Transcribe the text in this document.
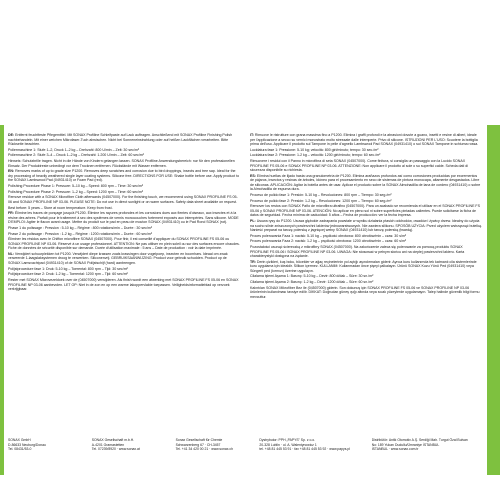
DE: Entfernt feuchtfeste Pflegemittel. Mit SONAX Profiline Schleifpaste auf Lack auftragen. Anschließend mit SONAX Profiline Finishing Polish nachbehandeln. Mit einer weichen Mikrofaser-Tuch abwischen. Nicht bei Sonneneinstrahlung oder auf heißen Lackflächen verarbeiten. Bitte Rückseite beachten.
Poliermaschine 1: Stufe 1–2, Druck 1–2 kg – Drehzahl: 800 U/min – Zeit: 30 sec/m²
Poliermaschine 2: Stufe 3–4 – Druck 1–2 kg – Drehzahl: 1.200 U/min – Zeit: 60 sec/m²
Hinweis: Schutzbrille tragen. Nicht in die Hände von Kindern gelangen lassen. SONAX Profiline Anwendungsbereich: nur für den professionellen Einsatz. Der Produktreste unbedingt vor dem Trocknen entfernen. Rückstände mit Wasser entfernen.
EN: Removes marks of up to grade size P1200. Removes deep scratches and corrosion due to bird droppings, insects and tree sap. Ideal for the dry processing of heavily weathered single layer coating systems. Silicone free. DIRECTIONS FOR USE: Shake bottle before use. Apply product to the SONAX Lambswool Pad (04931410) or Foam Pad (red).
Polishing Procedure Phase 1: Pressure: 5–10 kg – Speed: 800 rpm – Time: 30 sec/m²
Polishing Procedure Phase 2: Pressure: 1–2 kg – Speed: 1200 rpm – Time: 60 sec/m²
Remove residue with a SONAX Microfiber Cloth afterwards (04507000). For the finishing touch, we recommend using SONAX PROFILINE FS 05-06 and SONAX PROFILINE NP 03-06. PLEASE NOTE: Do not use in direct sunlight or on warm surfaces. Safety data sheet available on request.
Best before: 5 years – Store at room temperature. Keep from frost.
FR: Élimine les traces de ponçage jusqu'à P1200. Élimine les rayures profondes et les corrosions dues aux fientes d'oiseaux, aux insectes et à la résine des arbres. Parfait pour le traitement à sec des systèmes de vernis monocouches fortement exposés aux intempéries. Sans silicone. MODE D'EMPLOI: Agiter le flacon avant usage. Mettre du produit sur le pad en peau de mouton SONAX (04931410) ou le Pad Rond SONAX (rot).
Phase 1 du polissage : Pression : 5-10 kg – Régime : 800 rotations/min – Durée : 30 sec/m²
Phase 2 du polissage : Pression : 1-2 kg – Régime : 1200 rotations/min – Durée : 60 sec/m²
Éliminer les résidus avec le Chiffon microfibre SONAX (04507000). Pour finir, il est conseillé d'appliquer du SONAX PROFILINE FS 05-06 ou SONAX PROFILINE NP 03-06. Réservé à un usage professionnel. ATTENTION: Ne pas utiliser en plein soleil ou sur des surfaces encore chaudes. Fiche de données de sécurité disponible sur demande. Durée d'utilisation maximale : 5 ans – Date de production : voir la date imprimée.
NL: Verwijdert schuurplekken tot P1200. Verwijdert diepe krassen zoals krassingen door vogelpoep, insecten en boomhars. Ideaal om zwak verweerde 1-laagslaksystemen droog te verwerken. Siliconenvrij. GEBRUIKSAANWIJZING: Product voor gebruik schudden. Product op de SONAX Lamsvachtpad (04931410) of de SONAX Polijstschijf (hard) aanbrengen.
Polijstprocedure fase 1: Druk: 5-10 kg – Toerental: 800 rpm – Tijd: 30 sec/m²
Polijstprocedure fase 2: Druk: 1-2 kg – Toerental: 1200 rpm – Tijd: 60 sec/m²
Rester met SONAX Microvezeldoek over de (04507000) verwijderen. Als finish wordt een afwerking met SONAX PROFILINE FS 05-06 en SONAX PROFILINE NP 03-06 aanbevolen. LET OP: Niet in de zon en op een warme lakoppervlakte toepassen. Veiligheidsinformatieblad op verzoek verkrijgbaar.
IT: Rimuove le ristrutture con grana massima fino a P1200. Elimina i graffi profondi e la abrasioni dovute a guano, insetti e resine di alberi, ideale per l'applicazione a secco su vernici monostrato molto stressate dalle intemperie. Privo di silicone. ISTRUZIONI PER L'USO: Scuotere la bottiglia prima dell'uso. Applicare il prodotto sul Tampone in pelle d'agnello Lambswool Pad SONAX (04931410) o sul SONAX Tampone in schiuma rossa.
Lucidatura fase 1: Pressione: 5-10 kg; velocità: 800 giri/minuto; tempo: 30 sec./m²
Lucidatura fase 2: Pressione: 1-2 kg – velocità: 1200 giri/minuto; tempo: 60 sec./m²
Rimuovere i residui con il Panno in microfibra di seta SONAX (04507000). Come finitura, si consiglia un passaggio con la Lucido SONAX PROFILINE FS 05-06 e SONAX PROFILINE NP 03-06. ATTENZIONE: Non applicare il prodotto al sole o su superfici calde. Scheda dati di sicurezza disponibile su richiesta.
ES: Elimina huellas de lijado hasta una granulometría de P1200. Elimina arañazos profundos así como corrosiones producidas por excrementos de pájaros, insectos y resinas de árboles, idóneo para el procesamiento en seco de sistemas de pintura monocapa, altamente desgastados. Libre de siliconas. APLICACIÓN: Agitar la botella antes de usar. Aplicar el producto sobre la SONAX Almohadilla de lana de cordero (04931410) o sobre la Almohadilla de espuma dura.
Proceso de pulido fase 1: Presión: 5-10 kg – Revoluciones: 800 rpm – Tiempo: 30 seg./m²
Proceso de pulido fase 2: Presión: 1-2 kg – Revoluciones: 1200 rpm – Tiempo: 60 seg./m²
Remover los restos con SONAX Paño de microfibra ultrafino (04507000). Para un acabado se recomienda el utilizar en el SONAX PROFILINE FS 05-06 y SONAX PROFILINE NP 03-06. ATENCIÓN: No aplicar en pleno sol ni sobre superficies pintadas calientes. Puede solicitarse la ficha de datos de seguridad. Fecha mínima de caducidad: 5 años – Fecha de producción: ver la fecha impresa.
PL: Usuwa rysy do P1200. Usuwa głębokie zadrapania powstałe w wyniku działania ptasich odchodów, owadów i żywicy drzew. Idealny do użycia na sucho silnie zniszczonych powierzchni lakierów jednowarstwowych. Nie zawiera silikonu. SPOSÓB UŻYCIA: Przed użyciem wstrząsnąć butelką. Nanieść preparat na tarczę polerską z jagnięcej wełny SONAX (04931410) lub tarczę polerską (twardą).
Proces polerowania Faza 1: nacisk: 5-10 kg – prędkość obrotowa: 800 obrotów/min – czas: 30 s/m²
Proces polerowania Faza 2: nacisk: 1-2 kg – prędkość obrotowa: 1200 obrotów/min – czas: 60 s/m²
Pozostałości usunąć ściereczką z mikrofibry SONAX (04507000). Na zakończenie zaleca się polerowanie za pomocą produktu SONAX PROFILINE FS 05-06 i SONAX PROFILINE NP 03-06. UWAGA: Nie stosować w pełnym słońcu ani na ciepłej powierzchni lakieru. Karta charakterystyki dostępna na żądanie.
TR: Derin çizikleri, kuş boku, böcekler ve ağaç reçinelerinin yol açtığı aşındırmaları giderir. Ayrıca kuru kullanımda tek katmanlı cila sistemlerinde kuru uygulama için idealdir. Silikon içermez. KULLANIM: Kullanmadan önce şişeyi çalkalayın. Ürünü SONAX Kuzu Yünü Ped (04931410) veya Süngerli ped (kırmızı) üzerine uygulayın.
Cilalama işlemi Aşama 1: Basınç: 5-10 kg – Devir: 800 d/dak – Süre: 30 sn./m²
Cilalama işlemi Aşama 2: Basınç: 1-2 kg – Devir: 1200 d/dak – Süre: 60 sn./m²
Kalıntıları SONAX Mikrofiber Bez ile (04507000) giderin. Son dokunuş için SONAX PROFILINE FS 05-06 ve SONAX PROFILINE NP 03-06 ürünlerinin kullanılması tavsiye edilir. DİKKAT: Doğrudan güneş ışığı altında veya sıcak yüzeylerde uygulamayın. Talep halinde güvenlik bilgi formu mevcuttur.
SONAX GmbH
D-86633 Neuburg/Donau
Tel. 08431/53-0
SONAX Gesellschaft m.b.H.
A-4201 Gramastetten
Tel. 07239/8920 · www.sonax.at
Sonax Gesellschaft für Chemie
Schwarzenberg 67 · CH-3457
Tel. +41 34 420 00 21 · www.sonax.ch
Dystrybutor: PPH „PAPYS" Sp. z o.o.
20-328 Lublin · ul. A. Walentynowicz 1
tel. +48 81 445 53 91 · fax +48 81 445 53 92 · www.papys.pl
Distribütör: Antik Otomotiv A.Ş. Serdiği Mah. Turgut Özal Bulvarı
No: 189 Yukarı Dudullu/Ümraniye İSTANBUL
İSTANBUL · www.sonax.com.tr
